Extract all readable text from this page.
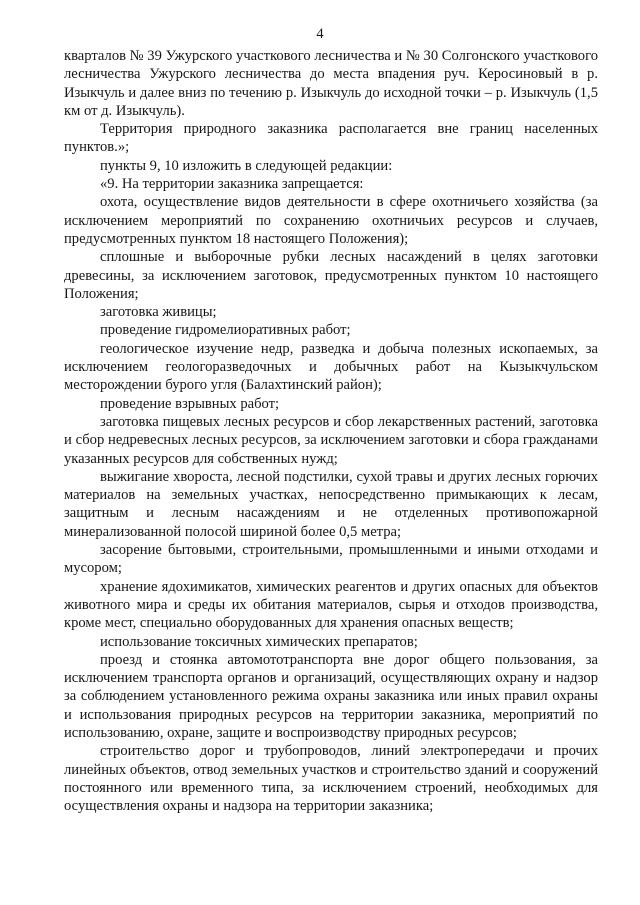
4

кварталов № 39 Ужурского участкового лесничества и № 30 Солгонского участкового лесничества Ужурского лесничества до места впадения руч. Керосиновый в р. Изыкчуль и далее вниз по течению р. Изыкчуль до исходной точки – р. Изыкчуль (1,5 км от д. Изыкчуль).

Территория природного заказника располагается вне границ населенных пунктов.»;

пункты 9, 10 изложить в следующей редакции:

«9. На территории заказника запрещается:

охота, осуществление видов деятельности в сфере охотничьего хозяйства (за исключением мероприятий по сохранению охотничьих ресурсов и случаев, предусмотренных пунктом 18 настоящего Положения);

сплошные и выборочные рубки лесных насаждений в целях заготовки древесины, за исключением заготовок, предусмотренных пунктом 10 настоящего Положения;

заготовка живицы;

проведение гидромелиоративных работ;

геологическое изучение недр, разведка и добыча полезных ископаемых, за исключением геологоразведочных и добычных работ на Кызыкчульском месторождении бурого угля (Балахтинский район);

проведение взрывных работ;

заготовка пищевых лесных ресурсов и сбор лекарственных растений, заготовка и сбор недревесных лесных ресурсов, за исключением заготовки и сбора гражданами указанных ресурсов для собственных нужд;

выжигание хвороста, лесной подстилки, сухой травы и других лесных горючих материалов на земельных участках, непосредственно примыкающих к лесам, защитным и лесным насаждениям и не отделенных противопожарной минерализованной полосой шириной более 0,5 метра;

засорение бытовыми, строительными, промышленными и иными отходами и мусором;

хранение ядохимикатов, химических реагентов и других опасных для объектов животного мира и среды их обитания материалов, сырья и отходов производства, кроме мест, специально оборудованных для хранения опасных веществ;

использование токсичных химических препаратов;

проезд и стоянка автомототранспорта вне дорог общего пользования, за исключением транспорта органов и организаций, осуществляющих охрану и надзор за соблюдением установленного режима охраны заказника или иных правил охраны и использования природных ресурсов на территории заказника, мероприятий по использованию, охране, защите и воспроизводству природных ресурсов;

строительство дорог и трубопроводов, линий электропередачи и прочих линейных объектов, отвод земельных участков и строительство зданий и сооружений постоянного или временного типа, за исключением строений, необходимых для осуществления охраны и надзора на территории заказника;
